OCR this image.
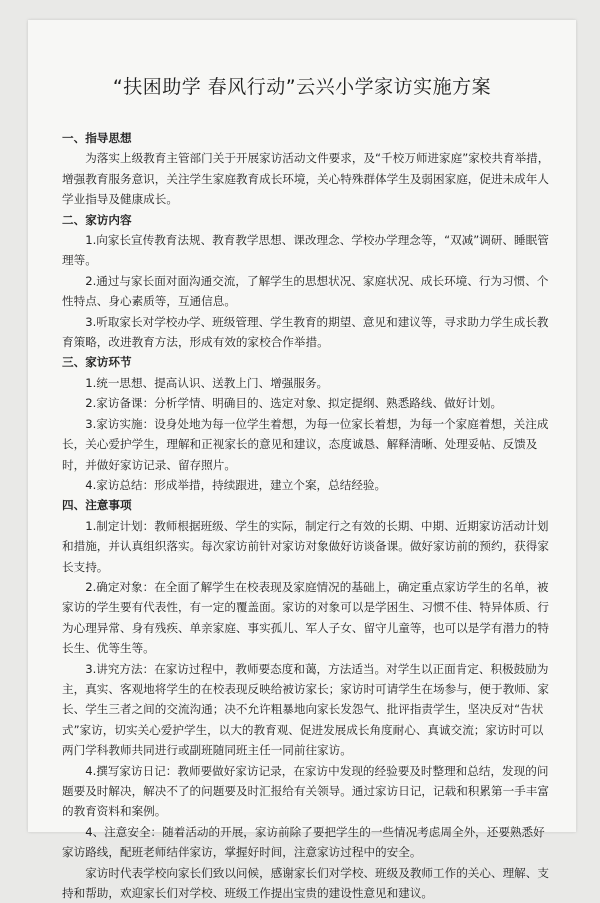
“扶困助学 春风行动”云兴小学家访实施方案

一、指导思想

为落实上级教育主管部门关于开展家访活动文件要求，及“千校万师进家庭”家校共育举措，增强教育服务意识，关注学生家庭教育成长环境，关心特殊群体学生及弱困家庭，促进未成年人学业指导及健康成长。

二、家访内容

1.向家长宣传教育法规、教育教学思想、课改理念、学校办学理念等，“双减”调研、睡眠管理等。

2.通过与家长面对面沟通交流，了解学生的思想状况、家庭状况、成长环境、行为习惯、个性特点、身心素质等，互通信息。

3.听取家长对学校办学、班级管理、学生教育的期望、意见和建议等，寻求助力学生成长教育策略，改进教育方法，形成有效的家校合作举措。

三、家访环节

1.统一思想、提高认识、送教上门、增强服务。

2.家访备课：分析学情、明确目的、选定对象、拟定提纲、熟悉路线、做好计划。

3.家访实施：设身处地为每一位学生着想，为每一位家长着想，为每一个家庭着想，关注成长，关心爱护学生，理解和正视家长的意见和建议，态度诚恳、解释清晰、处理妥帖、反馈及时，并做好家访记录、留存照片。

4.家访总结：形成举措，持续跟进，建立个案，总结经验。

四、注意事项

1.制定计划：教师根据班级、学生的实际，制定行之有效的长期、中期、近期家访活动计划和措施，并认真组织落实。每次家访前针对家访对象做好访谈备课。做好家访前的预约，获得家长支持。

2.确定对象：在全面了解学生在校表现及家庭情况的基础上，确定重点家访学生的名单，被家访的学生要有代表性，有一定的覆盖面。家访的对象可以是学困生、习惯不佳、特异体质、行为心理异常、身有残疾、单亲家庭、事实孤儿、军人子女、留守儿童等，也可以是学有潜力的特长生、优等生等。

3.讲究方法：在家访过程中，教师要态度和蔼，方法适当。对学生以正面肯定、积极鼓励为主，真实、客观地将学生的在校表现反映给被访家长；家访时可请学生在场参与，便于教师、家长、学生三者之间的交流沟通；决不允许粗暴地向家长发怨气、批评指责学生，坚决反对“告状式”家访，切实关心爱护学生，以大的教育观、促进发展成长角度耐心、真诚交流；家访时可以两门学科教师共同进行或副班随同班主任一同前往家访。

4.撰写家访日记：教师要做好家访记录，在家访中发现的经验要及时整理和总结，发现的问题要及时解决，解决不了的问题要及时汇报给有关领导。通过家访日记，记载和积累第一手丰富的教育资料和案例。

4、注意安全：随着活动的开展，家访前除了要把学生的一些情况考虑周全外，还要熟悉好家访路线，配班老师结伴家访，掌握好时间，注意家访过程中的安全。

家访时代表学校向家长们致以问候，感谢家长们对学校、班级及教师工作的关心、理解、支持和帮助，欢迎家长们对学校、班级工作提出宝贵的建设性意见和建议。
